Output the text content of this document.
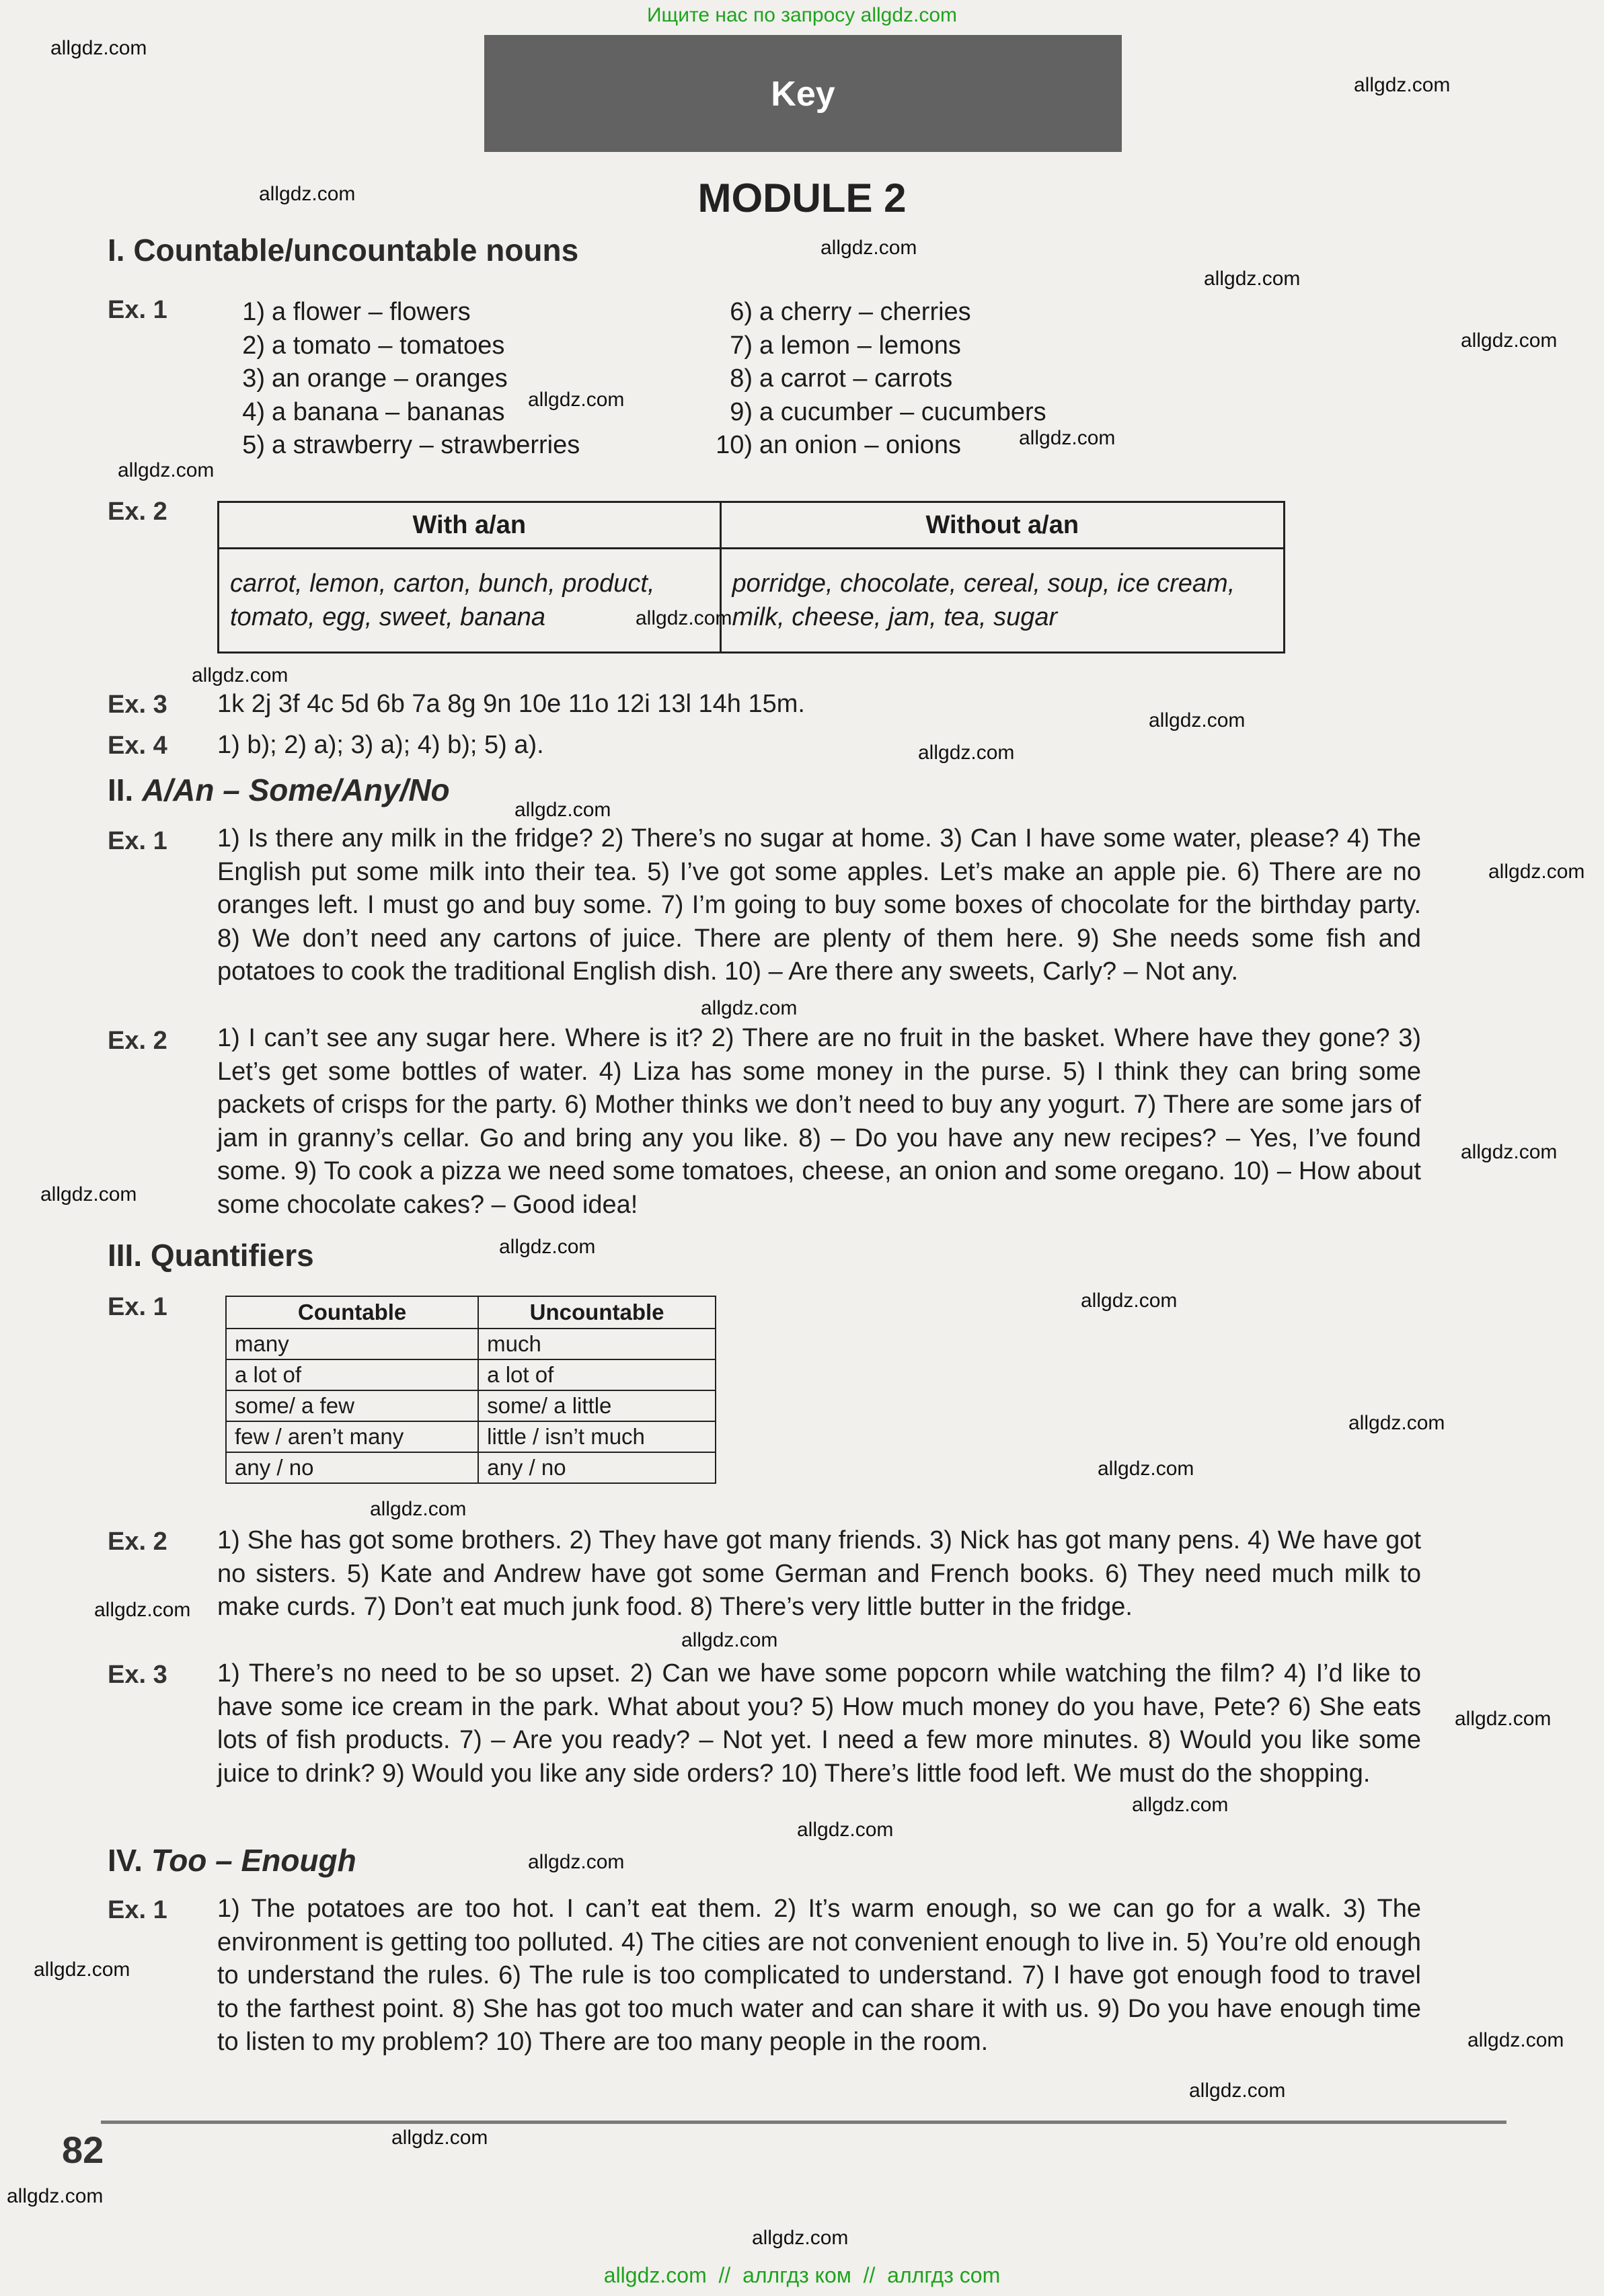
Ищите нас по запросу allgdz.com
Key
MODULE 2
I. Countable/uncountable nouns
Ex. 1	1) a flower – flowers
2) a tomato – tomatoes
3) an orange – oranges
4) a banana – bananas
5) a strawberry – strawberries
6) a cherry – cherries
7) a lemon – lemons
8) a carrot – carrots
9) a cucumber – cucumbers
10) an onion – onions
Ex. 2	With a/an	Without a/an
carrot, lemon, carton, bunch, product, tomato, egg, sweet, banana	porridge, chocolate, cereal, soup, ice cream, milk, cheese, jam, tea, sugar
Ex. 3 1k 2j 3f 4c 5d 6b 7a 8g 9n 10e 11o 12i 13l 14h 15m.
Ex. 4 1) b); 2) a); 3) a); 4) b); 5) a).
II. A/An – Some/Any/No
Ex. 1 1) Is there any milk in the fridge? 2) There’s no sugar at home. 3) Can I have some water, please? 4) The English put some milk into their tea. 5) I’ve got some apples. Let’s make an apple pie. 6) There are no oranges left. I must go and buy some. 7) I’m going to buy some boxes of chocolate for the birthday party. 8) We don’t need any cartons of juice. There are plenty of them here. 9) She needs some fish and potatoes to cook the traditional English dish. 10) – Are there any sweets, Carly? – Not any.
Ex. 2 1) I can’t see any sugar here. Where is it? 2) There are no fruit in the basket. Where have they gone? 3) Let’s get some bottles of water. 4) Liza has some money in the purse. 5) I think they can bring some packets of crisps for the party. 6) Mother thinks we don’t need to buy any yogurt. 7) There are some jars of jam in granny’s cellar. Go and bring any you like. 8) – Do you have any new recipes? – Yes, I’ve found some. 9) To cook a pizza we need some tomatoes, cheese, an onion and some oregano. 10) – How about some chocolate cakes? – Good idea!
III. Quantifiers
Ex. 1	Countable	Uncountable
many	much
a lot of	a lot of
some/ a few	some/ a little
few / aren’t many	little / isn’t much
any / no	any / no
Ex. 2 1) She has got some brothers. 2) They have got many friends. 3) Nick has got many pens. 4) We have got no sisters. 5) Kate and Andrew have got some German and French books. 6) They need much milk to make curds. 7) Don’t eat much junk food. 8) There’s very little butter in the fridge.
Ex. 3 1) There’s no need to be so upset. 2) Can we have some popcorn while watching the film? 4) I’d like to have some ice cream in the park. What about you? 5) How much money do you have, Pete? 6) She eats lots of fish products. 7) – Are you ready? – Not yet. I need a few more minutes. 8) Would you like some juice to drink? 9) Would you like any side orders? 10) There’s little food left. We must do the shopping.
IV. Too – Enough
Ex. 1 1) The potatoes are too hot. I can’t eat them. 2) It’s warm enough, so we can go for a walk. 3) The environment is getting too polluted. 4) The cities are not convenient enough to live in. 5) You’re old enough to understand the rules. 6) The rule is too complicated to understand. 7) I have got enough food to travel to the farthest point. 8) She has got too much water and can share it with us. 9) Do you have enough time to listen to my problem? 10) There are too many people in the room.
allgdz.com
allgdz.com
allgdz.com
allgdz.com
allgdz.com
allgdz.com
allgdz.com
allgdz.com
allgdz.com
allgdz.com
allgdz.com
allgdz.com
allgdz.com
allgdz.com
allgdz.com
allgdz.com
allgdz.com
allgdz.com
allgdz.com
allgdz.com
allgdz.com
allgdz.com
allgdz.com
allgdz.com
allgdz.com
allgdz.com
allgdz.com
allgdz.com
allgdz.com
allgdz.com
allgdz.com
allgdz.com
allgdz.com
allgdz.com
allgdz.com
82
allgdz.com // аллгдз ком // аллгдз com
